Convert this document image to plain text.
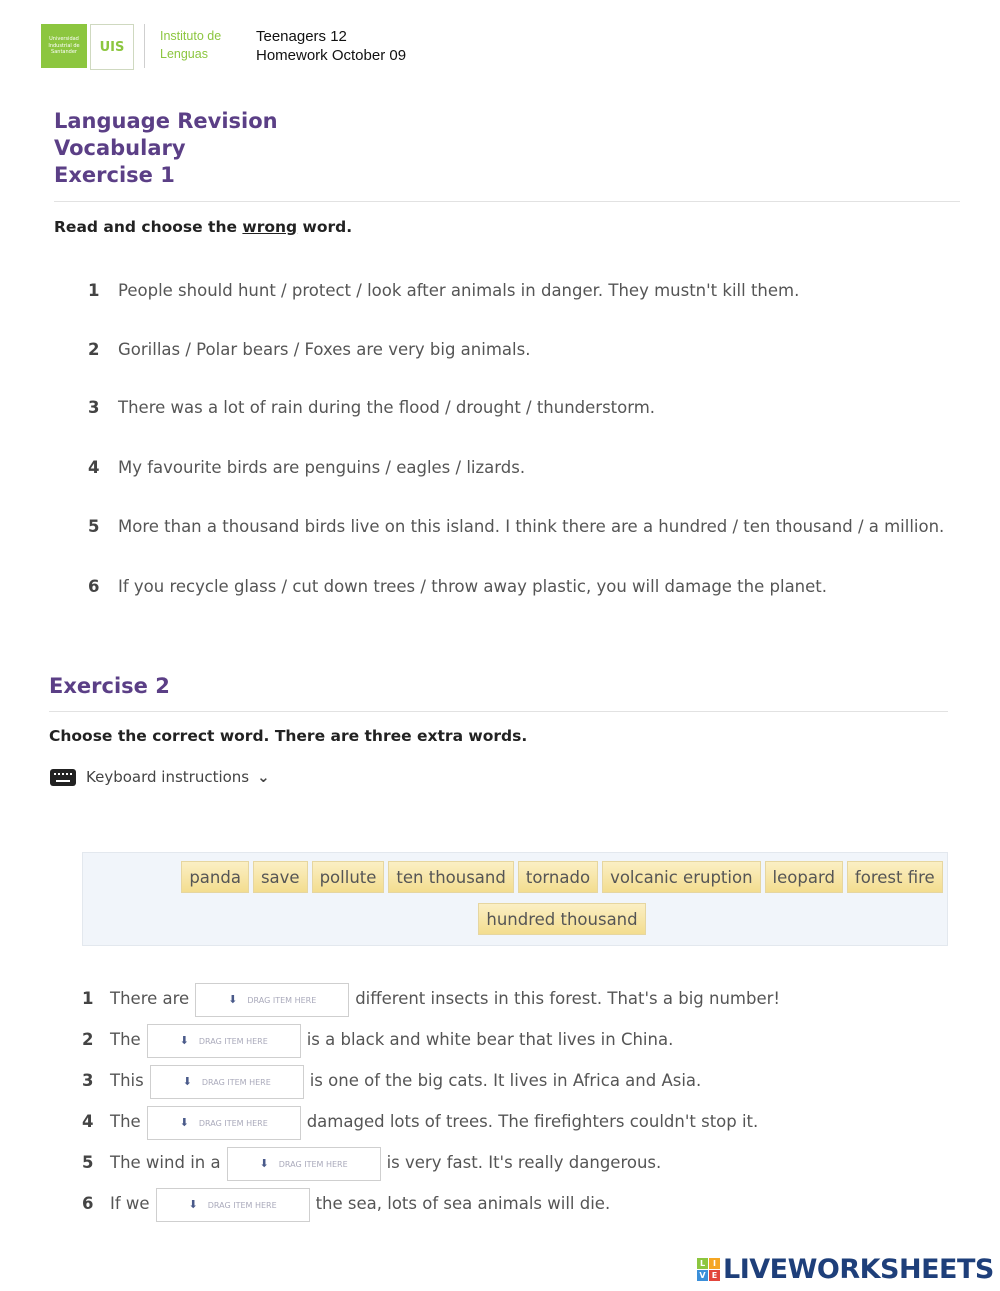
Universidad Industrial de Santander	UIS
Instituto de
Lenguas
Teenagers 12
Homework October 09
Language Revision
Vocabulary
Exercise 1
Read and choose the wrong word.
1 People should hunt / protect / look after animals in danger. They mustn't kill them.
2 Gorillas / Polar bears / Foxes are very big animals.
3 There was a lot of rain during the flood / drought / thunderstorm.
4 My favourite birds are penguins / eagles / lizards.
5 More than a thousand birds live on this island. I think there are a hundred / ten thousand / a million.
6 If you recycle glass / cut down trees / throw away plastic, you will damage the planet.
Exercise 2
Choose the correct word. There are three extra words.
Keyboard instructions ⌄
panda	save	pollute	ten thousand	tornado	volcanic eruption	leopard	forest fire
hundred thousand
1 There are	⬇ DRAG ITEM HERE different insects in this forest. That's a big number!
2 The	⬇ DRAG ITEM HERE is a black and white bear that lives in China.
3 This	⬇ DRAG ITEM HERE is one of the big cats. It lives in Africa and Asia.
4 The	⬇ DRAG ITEM HERE damaged lots of trees. The firefighters couldn't stop it.
5 The wind in a	⬇ DRAG ITEM HERE is very fast. It's really dangerous.
6 If we	⬇ DRAG ITEM HERE the sea, lots of sea animals will die.
L I
V E LIVEWORKSHEETS
